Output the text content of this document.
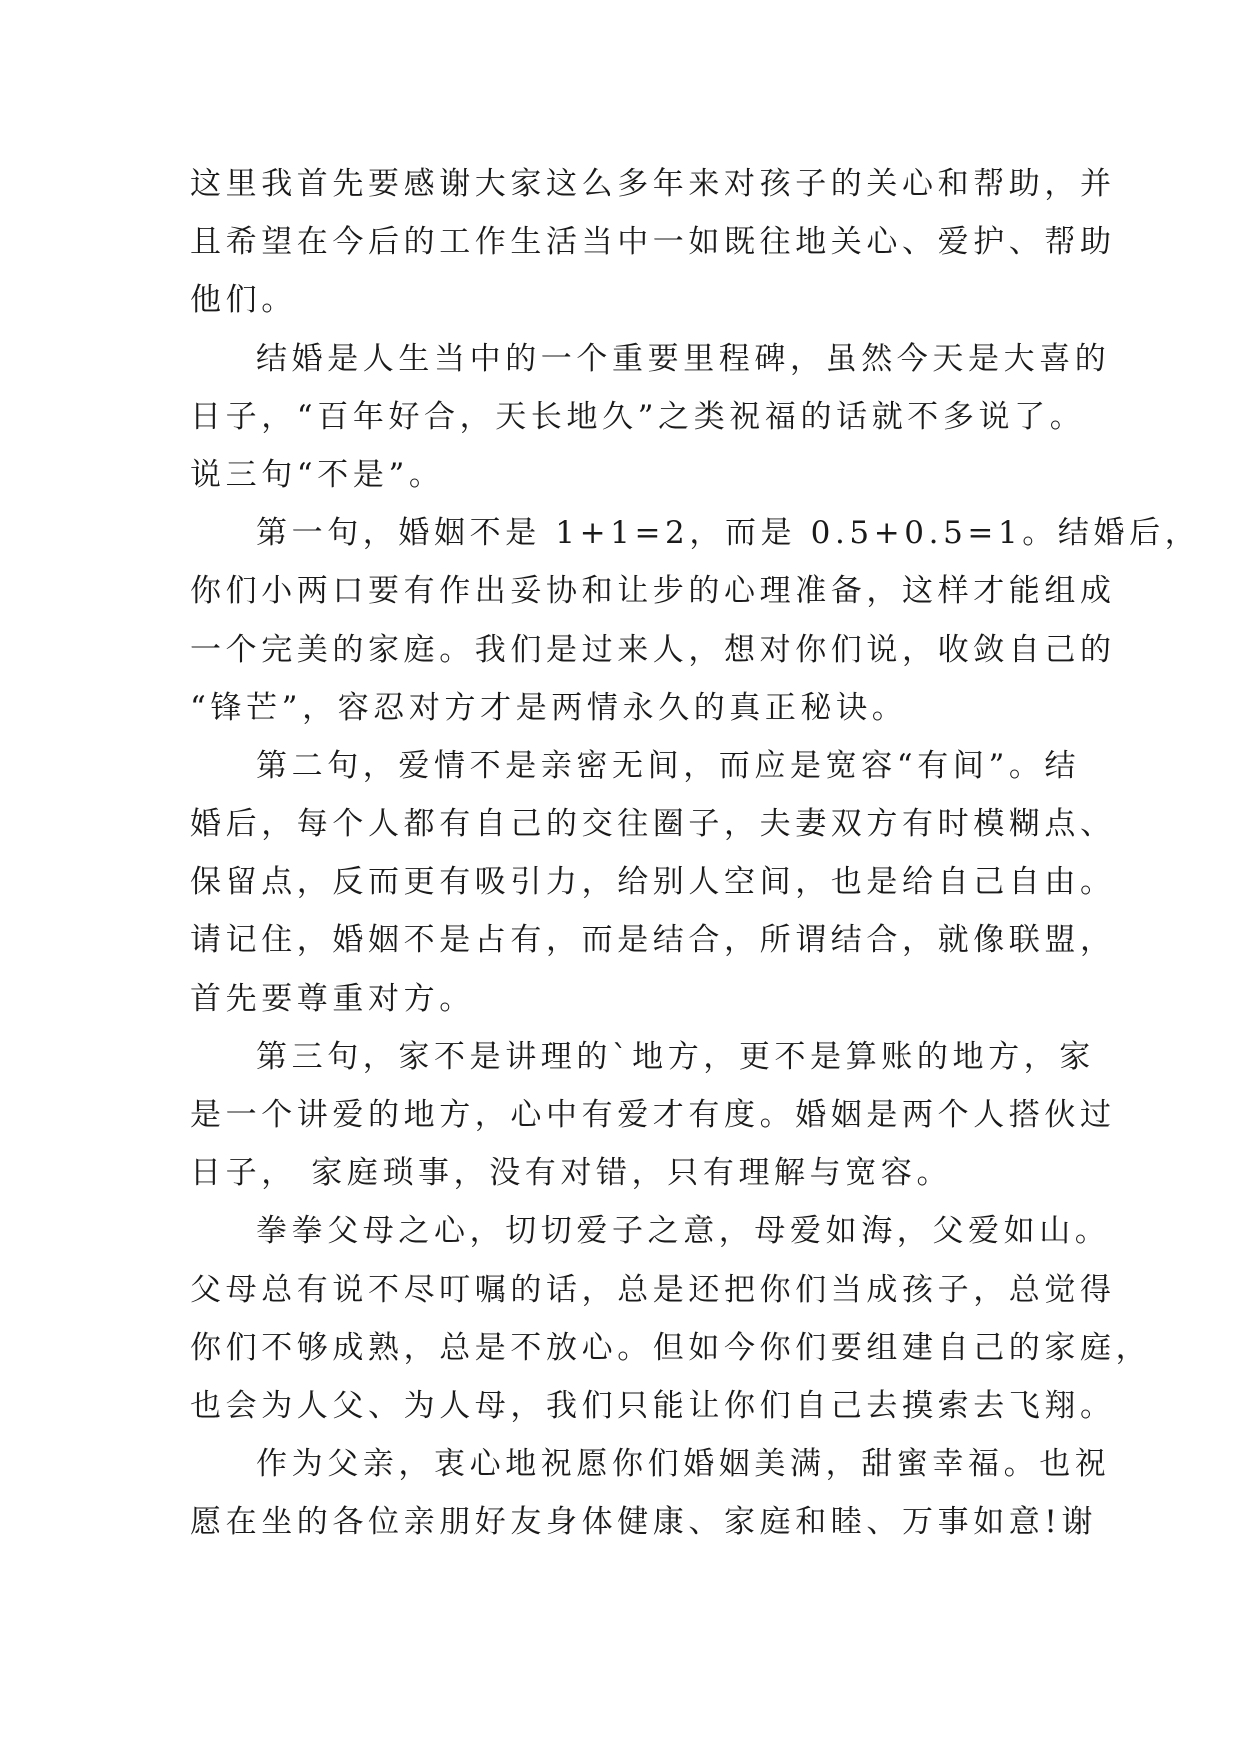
这里我首先要感谢大家这么多年来对孩子的关心和帮助，并
且希望在今后的工作生活当中一如既往地关心、爱护、帮助
他们。
结婚是人生当中的一个重要里程碑，虽然今天是大喜的
日子，“百年好合，天长地久”之类祝福的话就不多说了。
说三句“不是”。
第一句，婚姻不是 1+1=2，而是 0.5+0.5=1。结婚后，
你们小两口要有作出妥协和让步的心理准备，这样才能组成
一个完美的家庭。我们是过来人，想对你们说，收敛自己的
“锋芒”，容忍对方才是两情永久的真正秘诀。
第二句，爱情不是亲密无间，而应是宽容“有间”。结
婚后，每个人都有自己的交往圈子，夫妻双方有时模糊点、
保留点，反而更有吸引力，给别人空间，也是给自己自由。
请记住，婚姻不是占有，而是结合，所谓结合，就像联盟，
首先要尊重对方。
第三句，家不是讲理的`地方，更不是算账的地方，家
是一个讲爱的地方，心中有爱才有度。婚姻是两个人搭伙过
日子， 家庭琐事，没有对错，只有理解与宽容。
拳拳父母之心，切切爱子之意，母爱如海，父爱如山。
父母总有说不尽叮嘱的话，总是还把你们当成孩子，总觉得
你们不够成熟，总是不放心。但如今你们要组建自己的家庭，
也会为人父、为人母，我们只能让你们自己去摸索去飞翔。
作为父亲，衷心地祝愿你们婚姻美满，甜蜜幸福。也祝
愿在坐的各位亲朋好友身体健康、家庭和睦、万事如意!谢
